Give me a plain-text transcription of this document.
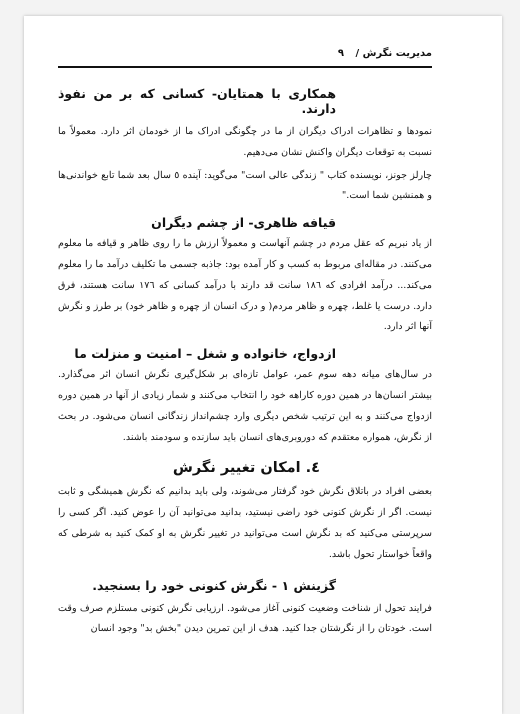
مدیریت نگرش /
٩
همکاری با همتایان- کسانی که بر من نفوذ دارند.

نمودها و تظاهرات ادراک دیگران از ما در چگونگی ادراک ما از خودمان اثر دارد. معمولاً ما نسبت به توقعات دیگران واکنش نشان می‌دهیم.

چارلز جونز، نویسنده کتاب " زندگی عالی است" می‌گوید: آینده ٥ سال بعد شما تابع خواندنی‌ها و همنشین شما است."

قیافه ظاهری- از چشم دیگران

از یاد نبریم که عقل مردم در چشم آنهاست و معمولاً ارزش ما را روی ظاهر و قیافه ما معلوم می‌کنند. در مقاله‌ای مربوط به کسب و کار آمده بود: جاذبه جسمی ما تکلیف درآمد ما را معلوم می‌کند... درآمد افرادی که ١٨٦ سانت قد دارند با درآمد کسانی که ١٧٦ سانت هستند، فرق دارد. درست یا غلط، چهره و ظاهر مردم( و درک انسان از چهره و ظاهر خود) بر طرز و نگرش آنها اثر دارد.

ازدواج، خانواده و شغل – امنیت و منزلت ما

در سال‌های میانه دهه سوم عمر، عوامل تازه‌ای بر شکل‌گیری نگرش انسان اثر می‌گذارد. بیشتر انسان‌ها در همین دوره کاراهه خود را انتخاب می‌کنند و شمار زیادی از آنها در همین دوره ازدواج می‌کنند و به این ترتیب شخص دیگری وارد چشم‌انداز زندگانی انسان می‌شود. در بحث از نگرش، همواره معتقدم که دوروبری‌های انسان باید سازنده و سودمند باشند.

٤. امکان تغییر نگرش

بعضی افراد در باتلاق نگرش خود گرفتار می‌شوند، ولی باید بدانیم که نگرش همیشگی و ثابت نیست. اگر از نگرش کنونی خود راضی نیستید، بدانید می‌توانید آن را عوض کنید. اگر کسی را سرپرستی می‌کنید که بد نگرش است می‌توانید در تغییر نگرش به او کمک کنید به شرطی که واقعاً خواستار تحول باشد.

گزینش ١ - نگرش کنونی خود را بسنجید.

فرایند تحول از شناخت وضعیت کنونی آغاز می‌شود. ارزیابی نگرش کنونی مستلزم صرف وقت است. خودتان را از نگرشتان جدا کنید. هدف از این تمرین دیدن "بخش بد" وجود انسان
